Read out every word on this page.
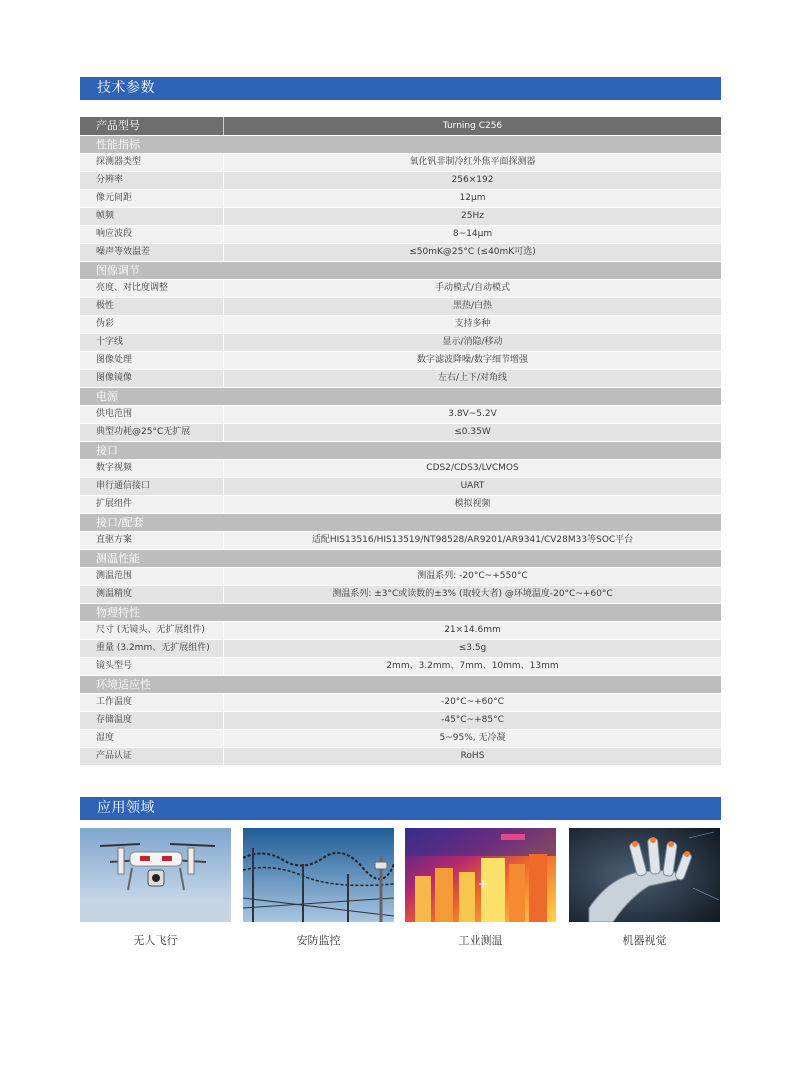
技术参数
产品型号	Turning C256
性能指标
探测器类型	氧化钒非制冷红外焦平面探测器
分辨率	256×192
像元间距	12μm
帧频	25Hz
响应波段	8~14μm
噪声等效温差	≤50mK@25°C (≤40mK可选)
图像调节
亮度、对比度调整	手动模式/自动模式
极性	黑热/白热
伪彩	支持多种
十字线	显示/消隐/移动
图像处理	数字滤波降噪/数字细节增强
图像镜像	左右/上下/对角线
电源
供电范围	3.8V~5.2V
典型功耗@25°C无扩展	≤0.35W
接口
数字视频	CDS2/CDS3/LVCMOS
串行通信接口	UART
扩展组件	模拟视频
接口/配套
直驱方案	适配HIS13516/HIS13519/NT98528/AR9201/AR9341/CV28M33等SOC平台
测温性能
测温范围	测温系列: -20°C~+550°C
测温精度	测温系列: ±3°C或读数的±3% (取较大者) @环境温度-20°C~+60°C
物理特性
尺寸 (无镜头、无扩展组件)	21×14.6mm
重量 (3.2mm、无扩展组件)	≤3.5g
镜头型号	2mm、3.2mm、7mm、10mm、13mm
环境适应性
工作温度	-20°C~+60°C
存储温度	-45°C~+85°C
湿度	5~95%, 无冷凝
产品认证	RoHS
应用领域
无人飞行	安防监控	工业测温	机器视觉
